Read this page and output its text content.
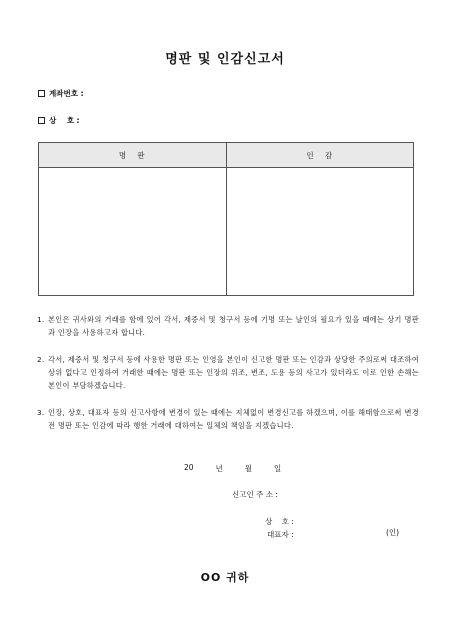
명판 및 인감신고서
계좌번호 :
상    호 :
명   판	인   감
1. 본인은 귀사와의 거래를 함에 있어 각서, 제증서 및 청구서 등에 기명 또는 날인의 필요가 있을 때에는 상기 명판과 인장을 사용하고자 합니다.
2. 각서, 제증서 및 청구서 등에 사용한 명판 또는 인영을 본인이 신고한 명판 또는 인감과 상당한 주의로써 대조하여 상위 없다고 인정하여 거래한 때에는 명판 또는 인장의 위조, 변조, 도용 등의 사고가 있더라도 이로 인한 손해는 본인이 부담하겠습니다.
3. 인장, 상호, 대표자 등의 신고사항에 변경이 있는 때에는 지체없이 변경신고를 하겠으며, 이를 해태함으로써 변경전 명판 또는 인감에 따라 행한 거래에 대하여는 일체의 책임을 지겠습니다.
20	년	월	일
신고인 주 소 :
상    호 :
대표자 :	(인)
OO 귀하
